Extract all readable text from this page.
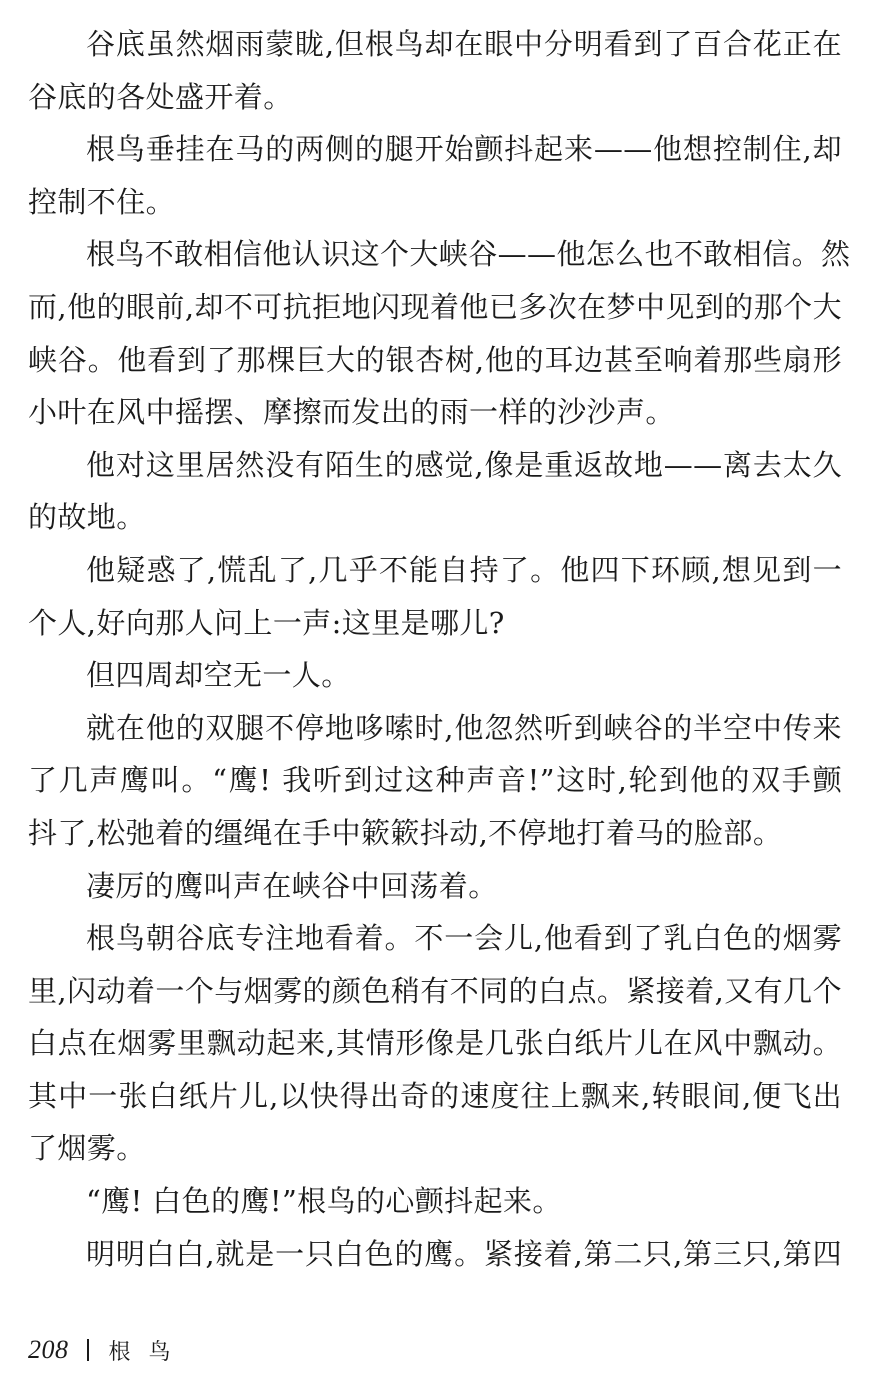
谷底虽然烟雨蒙眬,但根鸟却在眼中分明看到了百合花正在
谷底的各处盛开着。
根鸟垂挂在马的两侧的腿开始颤抖起来——他想控制住,却
控制不住。
根鸟不敢相信他认识这个大峡谷——他怎么也不敢相信。然
而,他的眼前,却不可抗拒地闪现着他已多次在梦中见到的那个大
峡谷。他看到了那棵巨大的银杏树,他的耳边甚至响着那些扇形
小叶在风中摇摆、摩擦而发出的雨一样的沙沙声。
他对这里居然没有陌生的感觉,像是重返故地——离去太久
的故地。
他疑惑了,慌乱了,几乎不能自持了。他四下环顾,想见到一
个人,好向那人问上一声:这里是哪儿?
但四周却空无一人。
就在他的双腿不停地哆嗦时,他忽然听到峡谷的半空中传来
了几声鹰叫。“鹰! 我听到过这种声音!”这时,轮到他的双手颤
抖了,松弛着的缰绳在手中簌簌抖动,不停地打着马的脸部。
凄厉的鹰叫声在峡谷中回荡着。
根鸟朝谷底专注地看着。不一会儿,他看到了乳白色的烟雾
里,闪动着一个与烟雾的颜色稍有不同的白点。紧接着,又有几个
白点在烟雾里飘动起来,其情形像是几张白纸片儿在风中飘动。
其中一张白纸片儿,以快得出奇的速度往上飘来,转眼间,便飞出
了烟雾。
“鹰! 白色的鹰!”根鸟的心颤抖起来。
明明白白,就是一只白色的鹰。紧接着,第二只,第三只,第四
208 根鸟
